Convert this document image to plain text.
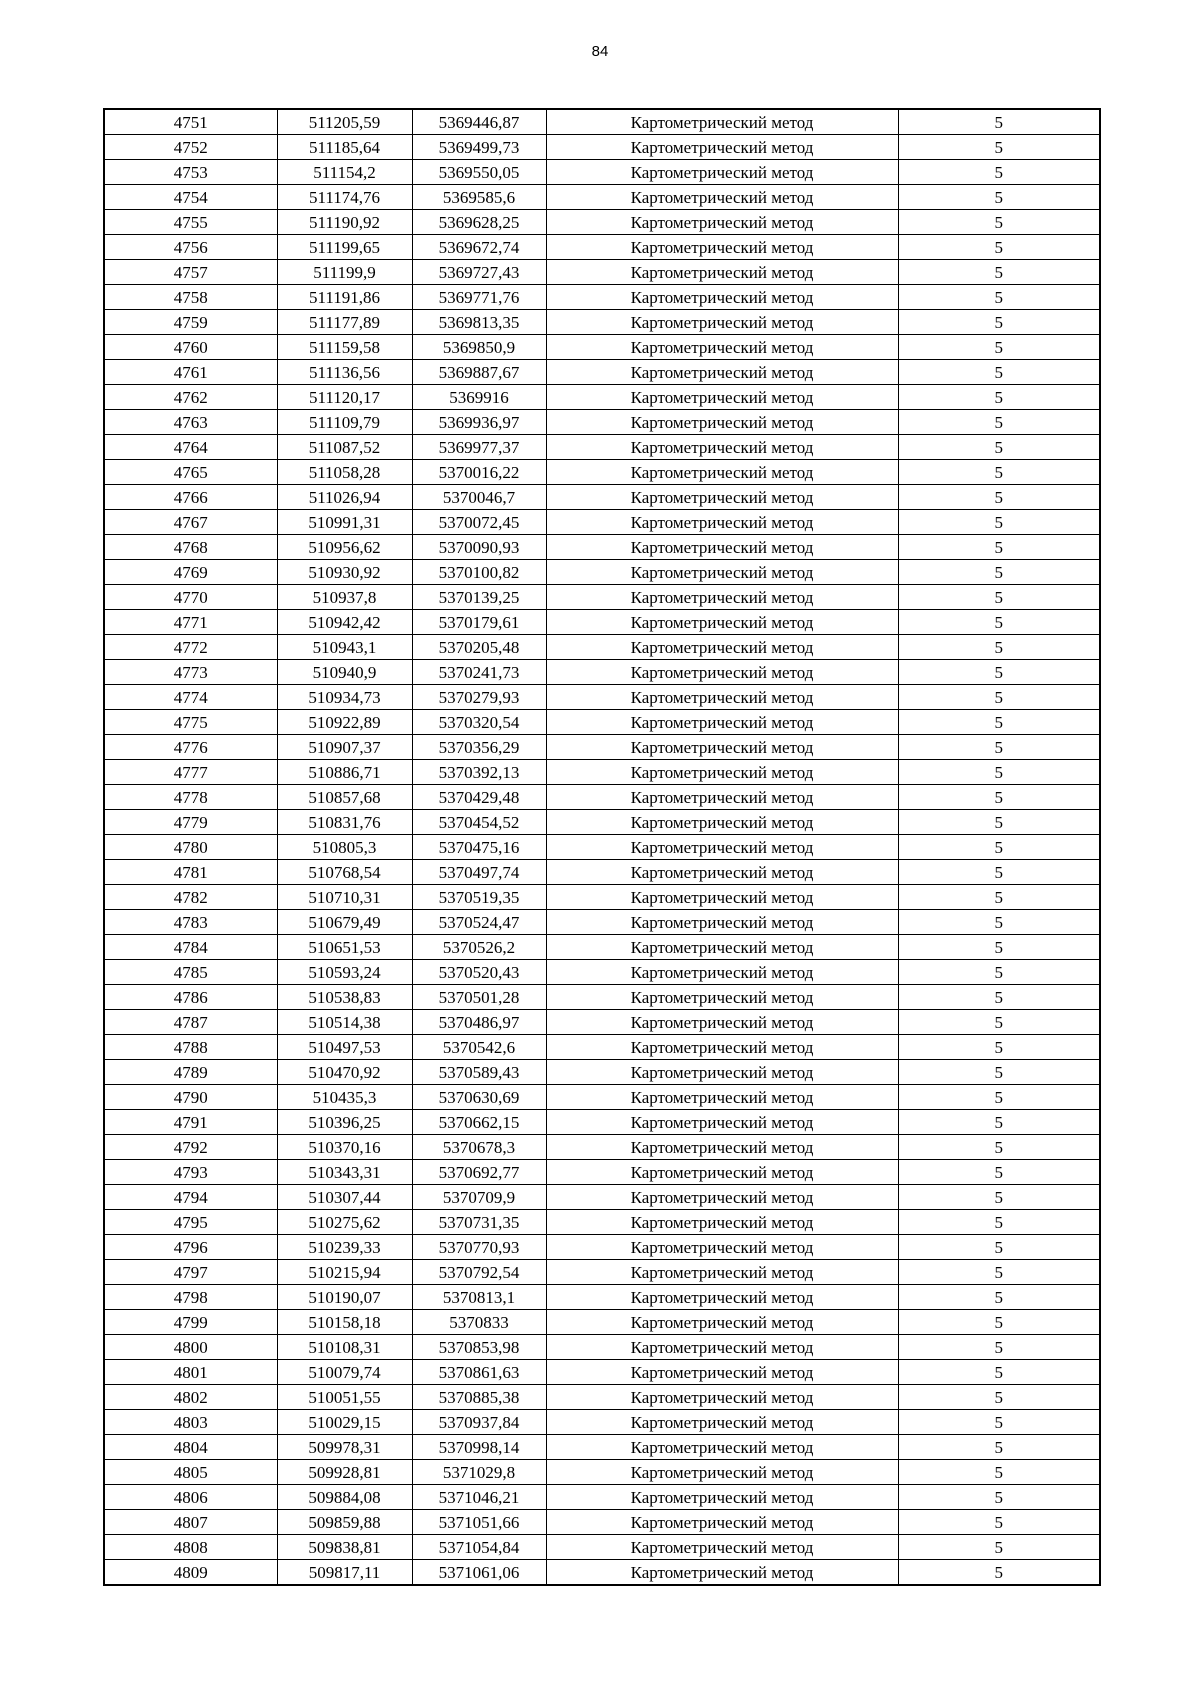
84
4751	511205,59	5369446,87	Картометрический метод	5
4752	511185,64	5369499,73	Картометрический метод	5
4753	511154,2	5369550,05	Картометрический метод	5
4754	511174,76	5369585,6	Картометрический метод	5
4755	511190,92	5369628,25	Картометрический метод	5
4756	511199,65	5369672,74	Картометрический метод	5
4757	511199,9	5369727,43	Картометрический метод	5
4758	511191,86	5369771,76	Картометрический метод	5
4759	511177,89	5369813,35	Картометрический метод	5
4760	511159,58	5369850,9	Картометрический метод	5
4761	511136,56	5369887,67	Картометрический метод	5
4762	511120,17	5369916	Картометрический метод	5
4763	511109,79	5369936,97	Картометрический метод	5
4764	511087,52	5369977,37	Картометрический метод	5
4765	511058,28	5370016,22	Картометрический метод	5
4766	511026,94	5370046,7	Картометрический метод	5
4767	510991,31	5370072,45	Картометрический метод	5
4768	510956,62	5370090,93	Картометрический метод	5
4769	510930,92	5370100,82	Картометрический метод	5
4770	510937,8	5370139,25	Картометрический метод	5
4771	510942,42	5370179,61	Картометрический метод	5
4772	510943,1	5370205,48	Картометрический метод	5
4773	510940,9	5370241,73	Картометрический метод	5
4774	510934,73	5370279,93	Картометрический метод	5
4775	510922,89	5370320,54	Картометрический метод	5
4776	510907,37	5370356,29	Картометрический метод	5
4777	510886,71	5370392,13	Картометрический метод	5
4778	510857,68	5370429,48	Картометрический метод	5
4779	510831,76	5370454,52	Картометрический метод	5
4780	510805,3	5370475,16	Картометрический метод	5
4781	510768,54	5370497,74	Картометрический метод	5
4782	510710,31	5370519,35	Картометрический метод	5
4783	510679,49	5370524,47	Картометрический метод	5
4784	510651,53	5370526,2	Картометрический метод	5
4785	510593,24	5370520,43	Картометрический метод	5
4786	510538,83	5370501,28	Картометрический метод	5
4787	510514,38	5370486,97	Картометрический метод	5
4788	510497,53	5370542,6	Картометрический метод	5
4789	510470,92	5370589,43	Картометрический метод	5
4790	510435,3	5370630,69	Картометрический метод	5
4791	510396,25	5370662,15	Картометрический метод	5
4792	510370,16	5370678,3	Картометрический метод	5
4793	510343,31	5370692,77	Картометрический метод	5
4794	510307,44	5370709,9	Картометрический метод	5
4795	510275,62	5370731,35	Картометрический метод	5
4796	510239,33	5370770,93	Картометрический метод	5
4797	510215,94	5370792,54	Картометрический метод	5
4798	510190,07	5370813,1	Картометрический метод	5
4799	510158,18	5370833	Картометрический метод	5
4800	510108,31	5370853,98	Картометрический метод	5
4801	510079,74	5370861,63	Картометрический метод	5
4802	510051,55	5370885,38	Картометрический метод	5
4803	510029,15	5370937,84	Картометрический метод	5
4804	509978,31	5370998,14	Картометрический метод	5
4805	509928,81	5371029,8	Картометрический метод	5
4806	509884,08	5371046,21	Картометрический метод	5
4807	509859,88	5371051,66	Картометрический метод	5
4808	509838,81	5371054,84	Картометрический метод	5
4809	509817,11	5371061,06	Картометрический метод	5
